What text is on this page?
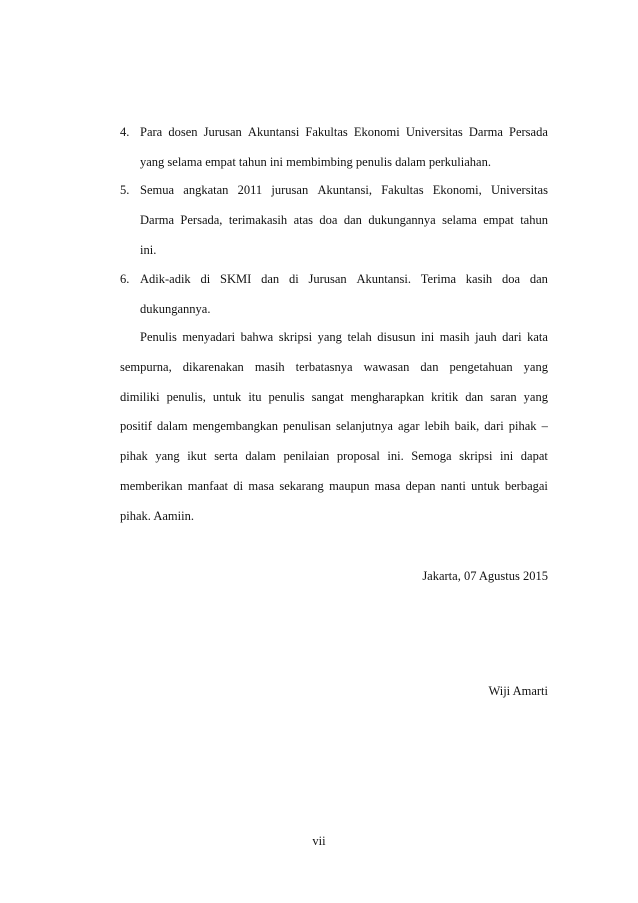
4. Para dosen Jurusan Akuntansi Fakultas Ekonomi Universitas Darma Persada
yang selama empat tahun ini membimbing penulis dalam perkuliahan.
5. Semua angkatan 2011 jurusan Akuntansi, Fakultas Ekonomi, Universitas
Darma Persada, terimakasih atas doa dan dukungannya selama empat tahun
ini.
6. Adik-adik di SKMI dan di Jurusan Akuntansi. Terima kasih doa dan
dukungannya.
Penulis menyadari bahwa skripsi yang telah disusun ini masih jauh dari kata
sempurna, dikarenakan masih terbatasnya wawasan dan pengetahuan yang
dimiliki penulis, untuk itu penulis sangat mengharapkan kritik dan saran yang
positif dalam mengembangkan penulisan selanjutnya agar lebih baik, dari pihak –
pihak yang ikut serta dalam penilaian proposal ini. Semoga skripsi ini dapat
memberikan manfaat di masa sekarang maupun masa depan nanti untuk berbagai
pihak. Aamiin.
Jakarta, 07 Agustus 2015
Wiji Amarti
vii
